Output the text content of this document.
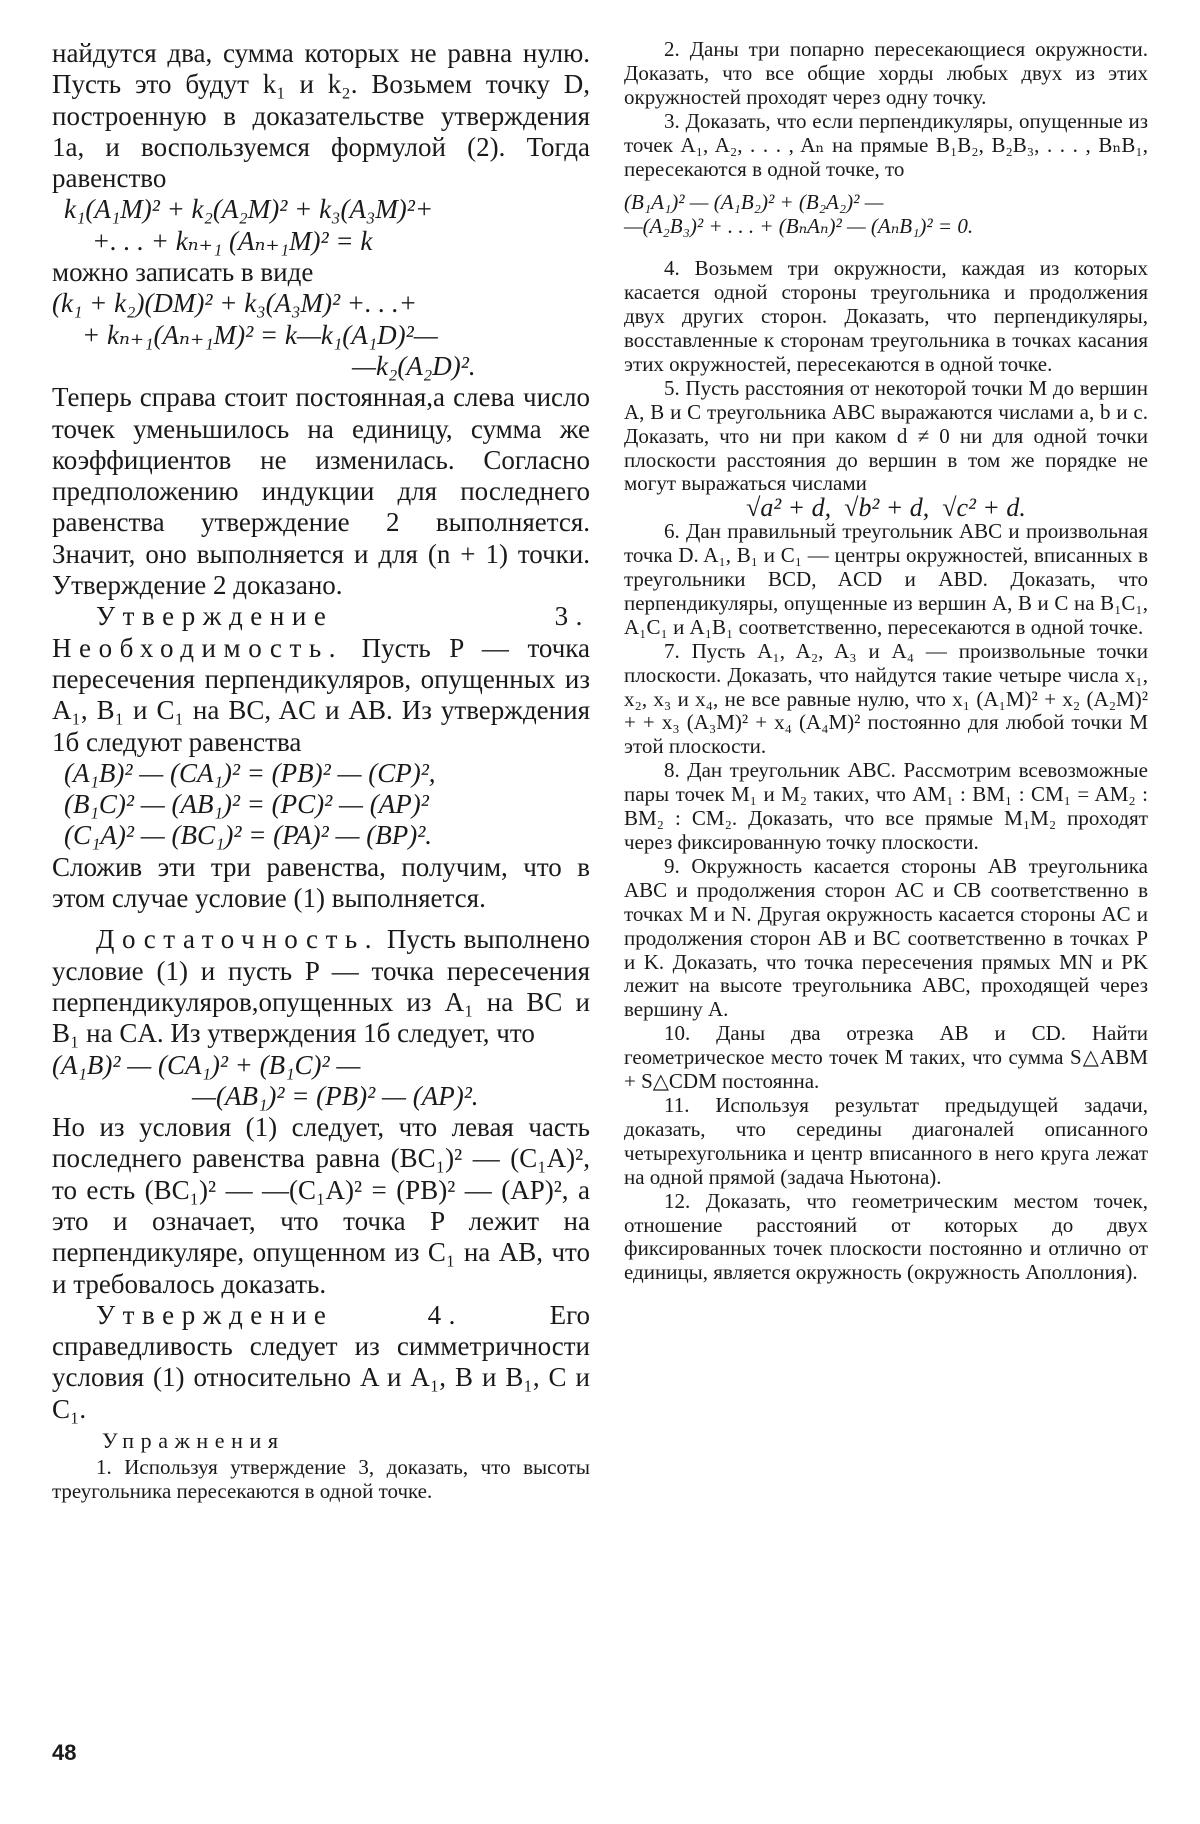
найдутся два, сумма которых не равна нулю. Пусть это будут k₁ и k₂. Возьмем точку D, построенную в доказательстве утверждения 1а, и воспользуемся формулой (2). Тогда равенство

k₁(A₁M)² + k₂(A₂M)² + k₃(A₃M)²+

+. . . + kₙ₊₁ (Aₙ₊₁M)² = k

можно записать в виде

(k₁ + k₂)(DM)² + k₃(A₃M)² +. . .+

+ kₙ₊₁(Aₙ₊₁M)² = k—k₁(A₁D)²—

—k₂(A₂D)².

Теперь справа стоит постоянная,а слева число точек уменьшилось на единицу, сумма же коэффициентов не изменилась. Согласно предположению индукции для последнего равенства утверждение 2 выполняется. Значит, оно выполняется и для (n + 1) точки. Утверждение 2 доказано.

Утверждение 3. Необходимость. Пусть P — точка пересечения перпендикуляров, опущенных из A₁, B₁ и C₁ на BC, AC и AB. Из утверждения 1б следуют равенства

(A₁B)² — (CA₁)² = (PB)² — (CP)²,

(B₁C)² — (AB₁)² = (PC)² — (AP)²

(C₁A)² — (BC₁)² = (PA)² — (BP)².

Сложив эти три равенства, получим, что в этом случае условие (1) выполняется.

Достаточность. Пусть выполнено условие (1) и пусть P — точка пересечения перпендикуляров,опущенных из A₁ на BC и B₁ на CA. Из утверждения 1б следует, что

(A₁B)² — (CA₁)² + (B₁C)² —

—(AB₁)² = (PB)² — (AP)².

Но из условия (1) следует, что левая часть последнего равенства равна (BC₁)² — (C₁A)², то есть (BC₁)² — —(C₁A)² = (PB)² — (AP)², а это и означает, что точка P лежит на перпендикуляре, опущенном из C₁ на AB, что и требовалось доказать.

Утверждение 4. Его справедливость следует из симметричности условия (1) относительно A и A₁, B и B₁, C и C₁.

Упражнения

1. Используя утверждение 3, доказать, что высоты треугольника пересекаются в одной точке.

2. Даны три попарно пересекающиеся окружности. Доказать, что все общие хорды любых двух из этих окружностей проходят через одну точку.

3. Доказать, что если перпендикуляры, опущенные из точек A₁, A₂, . . . , Aₙ на прямые B₁B₂, B₂B₃, . . . , BₙB₁, пересекаются в одной точке, то

(B₁A₁)² — (A₁B₂)² + (B₂A₂)² —

—(A₂B₃)² + . . . + (BₙAₙ)² — (AₙB₁)² = 0.

4. Возьмем три окружности, каждая из которых касается одной стороны треугольника и продолжения двух других сторон. Доказать, что перпендикуляры, восставленные к сторонам треугольника в точках касания этих окружностей, пересекаются в одной точке.

5. Пусть расстояния от некоторой точки M до вершин A, B и C треугольника ABC выражаются числами a, b и c. Доказать, что ни при каком d ≠ 0 ни для одной точки плоскости расстояния до вершин в том же порядке не могут выражаться числами

√a² + d,  √b² + d,  √c² + d.

6. Дан правильный треугольник ABC и произвольная точка D. A₁, B₁ и C₁ — центры окружностей, вписанных в треугольники BCD, ACD и ABD. Доказать, что перпендикуляры, опущенные из вершин A, B и C на B₁C₁, A₁C₁ и A₁B₁ соответственно, пересекаются в одной точке.

7. Пусть A₁, A₂, A₃ и A₄ — произвольные точки плоскости. Доказать, что найдутся такие четыре числа x₁, x₂, x₃ и x₄, не все равные нулю, что x₁ (A₁M)² + x₂ (A₂M)² + + x₃ (A₃M)² + x₄ (A₄M)² постоянно для любой точки M этой плоскости.

8. Дан треугольник ABC. Рассмотрим всевозможные пары точек M₁ и M₂ таких, что AM₁ : BM₁ : CM₁ = AM₂ : BM₂ : CM₂. Доказать, что все прямые M₁M₂ проходят через фиксированную точку плоскости.

9. Окружность касается стороны AB треугольника ABC и продолжения сторон AC и CB соответственно в точках M и N. Другая окружность касается стороны AC и продолжения сторон AB и BC соответственно в точках P и K. Доказать, что точка пересечения прямых MN и PK лежит на высоте треугольника ABC, проходящей через вершину A.

10. Даны два отрезка AB и CD. Найти геометрическое место точек M таких, что сумма S△ABM + S△CDM постоянна.

11. Используя результат предыдущей задачи, доказать, что середины диагоналей описанного четырехугольника и центр вписанного в него круга лежат на одной прямой (задача Ньютона).

12. Доказать, что геометрическим местом точек, отношение расстояний от которых до двух фиксированных точек плоскости постоянно и отлично от единицы, является окружность (окружность Аполлония).

48
